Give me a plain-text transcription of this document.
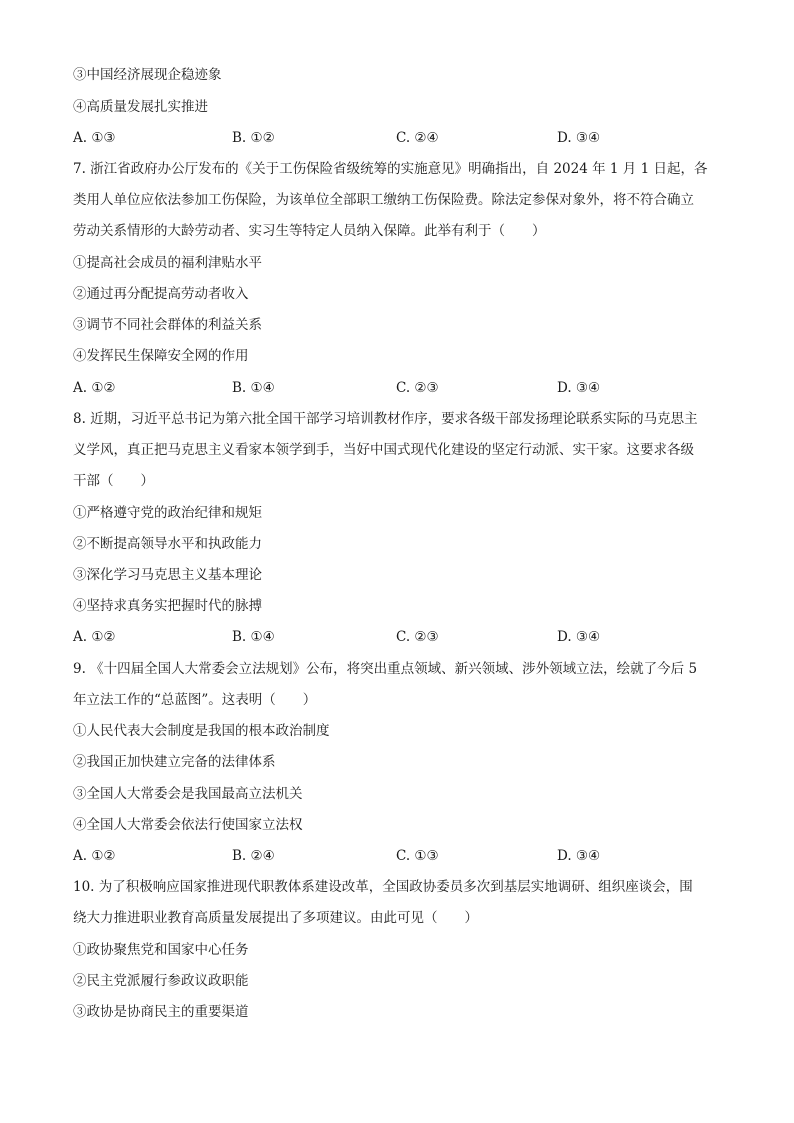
③中国经济展现企稳迹象
④高质量发展扎实推进
A. ①③	B. ①②	C. ②④	D. ③④
7. 浙江省政府办公厅发布的《关于工伤保险省级统筹的实施意见》明确指出，自 2024 年 1 月 1 日起，各
类用人单位应依法参加工伤保险，为该单位全部职工缴纳工伤保险费。除法定参保对象外，将不符合确立
劳动关系情形的大龄劳动者、实习生等特定人员纳入保障。此举有利于（　　）
①提高社会成员的福利津贴水平
②通过再分配提高劳动者收入
③调节不同社会群体的利益关系
④发挥民生保障安全网的作用
A. ①②	B. ①④	C. ②③	D. ③④
8. 近期，习近平总书记为第六批全国干部学习培训教材作序，要求各级干部发扬理论联系实际的马克思主
义学风，真正把马克思主义看家本领学到手，当好中国式现代化建设的坚定行动派、实干家。这要求各级
干部（　　）
①严格遵守党的政治纪律和规矩
②不断提高领导水平和执政能力
③深化学习马克思主义基本理论
④坚持求真务实把握时代的脉搏
A. ①②	B. ①④	C. ②③	D. ③④
9. 《十四届全国人大常委会立法规划》公布，将突出重点领域、新兴领域、涉外领域立法，绘就了今后 5
年立法工作的“总蓝图”。这表明（　　）
①人民代表大会制度是我国的根本政治制度
②我国正加快建立完备的法律体系
③全国人大常委会是我国最高立法机关
④全国人大常委会依法行使国家立法权
A. ①②	B. ②④	C. ①③	D. ③④
10. 为了积极响应国家推进现代职教体系建设改革，全国政协委员多次到基层实地调研、组织座谈会，围
绕大力推进职业教育高质量发展提出了多项建议。由此可见（　　）
①政协聚焦党和国家中心任务
②民主党派履行参政议政职能
③政协是协商民主的重要渠道
